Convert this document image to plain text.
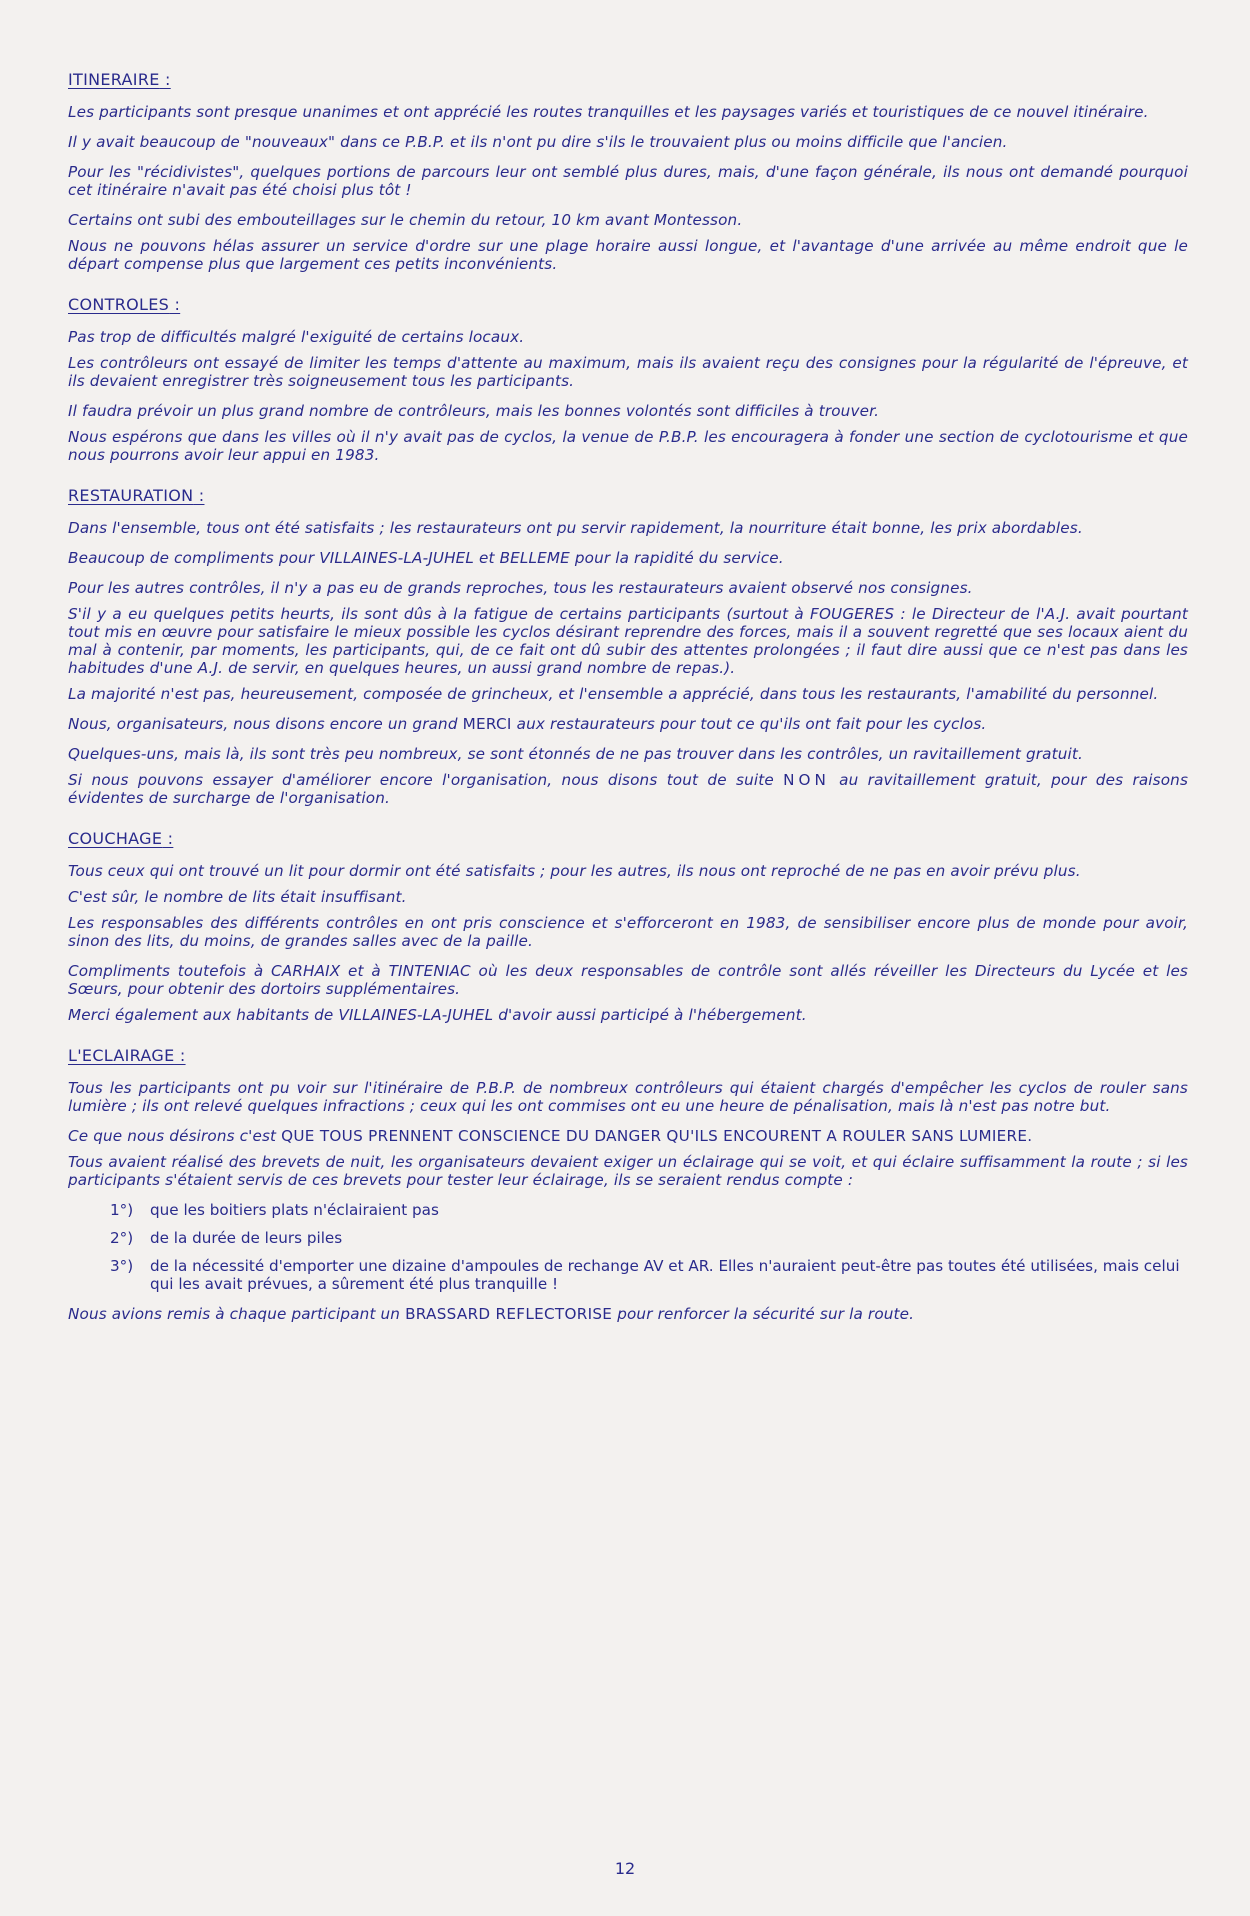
ITINERAIRE :

Les participants sont presque unanimes et ont apprécié les routes tranquilles et les paysages variés et touristiques de ce nouvel itinéraire.

Il y avait beaucoup de "nouveaux" dans ce P.B.P. et ils n'ont pu dire s'ils le trouvaient plus ou moins difficile que l'ancien.

Pour les "récidivistes", quelques portions de parcours leur ont semblé plus dures, mais, d'une façon générale, ils nous ont demandé pourquoi cet itinéraire n'avait pas été choisi plus tôt !

Certains ont subi des embouteillages sur le chemin du retour, 10 km avant Montesson.

Nous ne pouvons hélas assurer un service d'ordre sur une plage horaire aussi longue, et l'avantage d'une arrivée au même endroit que le départ compense plus que largement ces petits inconvénients.

CONTROLES :

Pas trop de difficultés malgré l'exiguité de certains locaux.

Les contrôleurs ont essayé de limiter les temps d'attente au maximum, mais ils avaient reçu des consignes pour la régularité de l'épreuve, et ils devaient enregistrer très soigneusement tous les participants.

Il faudra prévoir un plus grand nombre de contrôleurs, mais les bonnes volontés sont difficiles à trouver.

Nous espérons que dans les villes où il n'y avait pas de cyclos, la venue de P.B.P. les encouragera à fonder une section de cyclotourisme et que nous pourrons avoir leur appui en 1983.

RESTAURATION :

Dans l'ensemble, tous ont été satisfaits ; les restaurateurs ont pu servir rapidement, la nourriture était bonne, les prix abordables.

Beaucoup de compliments pour VILLAINES-LA-JUHEL et BELLEME pour la rapidité du service.

Pour les autres contrôles, il n'y a pas eu de grands reproches, tous les restaurateurs avaient observé nos consignes.

S'il y a eu quelques petits heurts, ils sont dûs à la fatigue de certains participants (surtout à FOUGERES : le Directeur de l'A.J. avait pourtant tout mis en œuvre pour satisfaire le mieux possible les cyclos désirant reprendre des forces, mais il a souvent regretté que ses locaux aient du mal à contenir, par moments, les participants, qui, de ce fait ont dû subir des attentes prolongées ; il faut dire aussi que ce n'est pas dans les habitudes d'une A.J. de servir, en quelques heures, un aussi grand nombre de repas.).

La majorité n'est pas, heureusement, composée de grincheux, et l'ensemble a apprécié, dans tous les restaurants, l'amabilité du personnel.

Nous, organisateurs, nous disons encore un grand MERCI aux restaurateurs pour tout ce qu'ils ont fait pour les cyclos.

Quelques-uns, mais là, ils sont très peu nombreux, se sont étonnés de ne pas trouver dans les contrôles, un ravitaillement gratuit.

Si nous pouvons essayer d'améliorer encore l'organisation, nous disons tout de suite NON au ravitaillement gratuit, pour des raisons évidentes de surcharge de l'organisation.

COUCHAGE :

Tous ceux qui ont trouvé un lit pour dormir ont été satisfaits ; pour les autres, ils nous ont reproché de ne pas en avoir prévu plus.

C'est sûr, le nombre de lits était insuffisant.

Les responsables des différents contrôles en ont pris conscience et s'efforceront en 1983, de sensibiliser encore plus de monde pour avoir, sinon des lits, du moins, de grandes salles avec de la paille.

Compliments toutefois à CARHAIX et à TINTENIAC où les deux responsables de contrôle sont allés réveiller les Directeurs du Lycée et les Sœurs, pour obtenir des dortoirs supplémentaires.

Merci également aux habitants de VILLAINES-LA-JUHEL d'avoir aussi participé à l'hébergement.

L'ECLAIRAGE :

Tous les participants ont pu voir sur l'itinéraire de P.B.P. de nombreux contrôleurs qui étaient chargés d'empêcher les cyclos de rouler sans lumière ; ils ont relevé quelques infractions ; ceux qui les ont commises ont eu une heure de pénalisation, mais là n'est pas notre but.

Ce que nous désirons c'est QUE TOUS PRENNENT CONSCIENCE DU DANGER QU'ILS ENCOURENT A ROULER SANS LUMIERE.

Tous avaient réalisé des brevets de nuit, les organisateurs devaient exiger un éclairage qui se voit, et qui éclaire suffisamment la route ; si les participants s'étaient servis de ces brevets pour tester leur éclairage, ils se seraient rendus compte :

1°)	que les boitiers plats n'éclairaient pas
2°)	de la durée de leurs piles
3°)	de la nécessité d'emporter une dizaine d'ampoules de rechange AV et AR. Elles n'auraient peut-être pas toutes été utilisées, mais celui qui les avait prévues, a sûrement été plus tranquille !

Nous avions remis à chaque participant un BRASSARD REFLECTORISE pour renforcer la sécurité sur la route.

12
